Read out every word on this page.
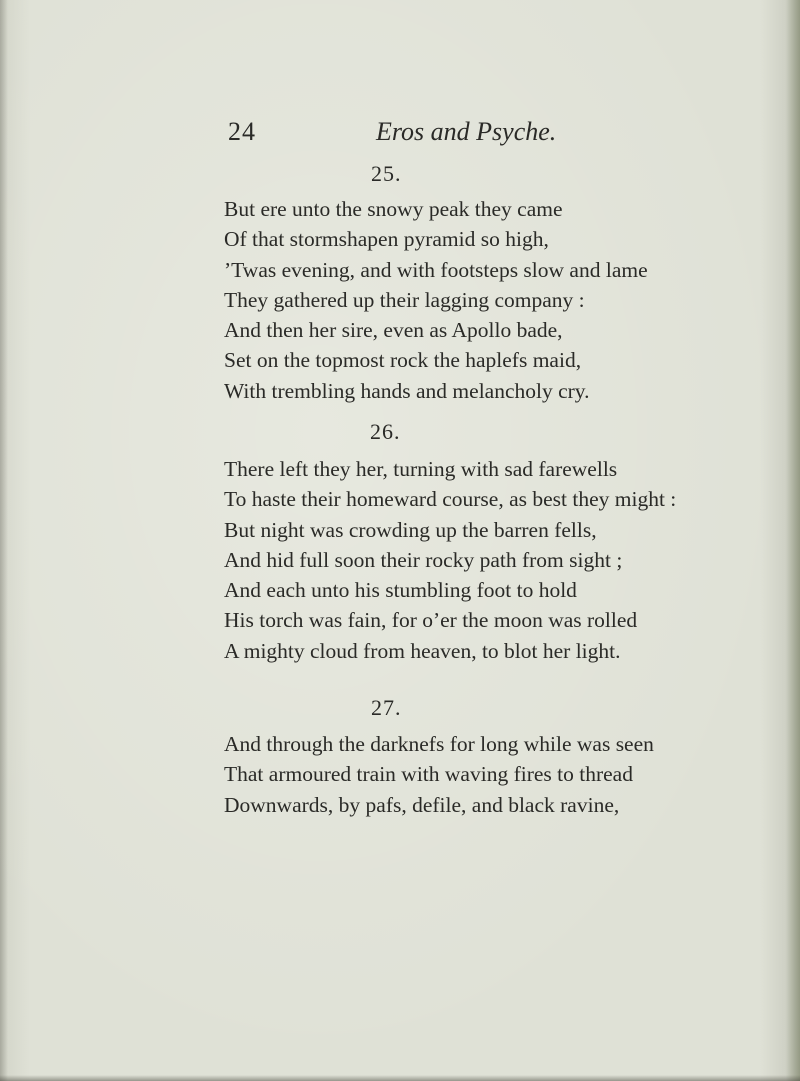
24	Eros and Psyche.
25.
But ere unto the snowy peak they came
Of that stormshapen pyramid so high,
’Twas evening, and with footsteps slow and lame
They gathered up their lagging company :
And then her sire, even as Apollo bade,
Set on the topmost rock the haplefs maid,
With trembling hands and melancholy cry.
26.
There left they her, turning with sad farewells
To haste their homeward course, as best they might :
But night was crowding up the barren fells,
And hid full soon their rocky path from sight ;
And each unto his stumbling foot to hold
His torch was fain, for o’er the moon was rolled
A mighty cloud from heaven, to blot her light.
27.
And through the darknefs for long while was seen
That armoured train with waving fires to thread
Downwards, by pafs, defile, and black ravine,
